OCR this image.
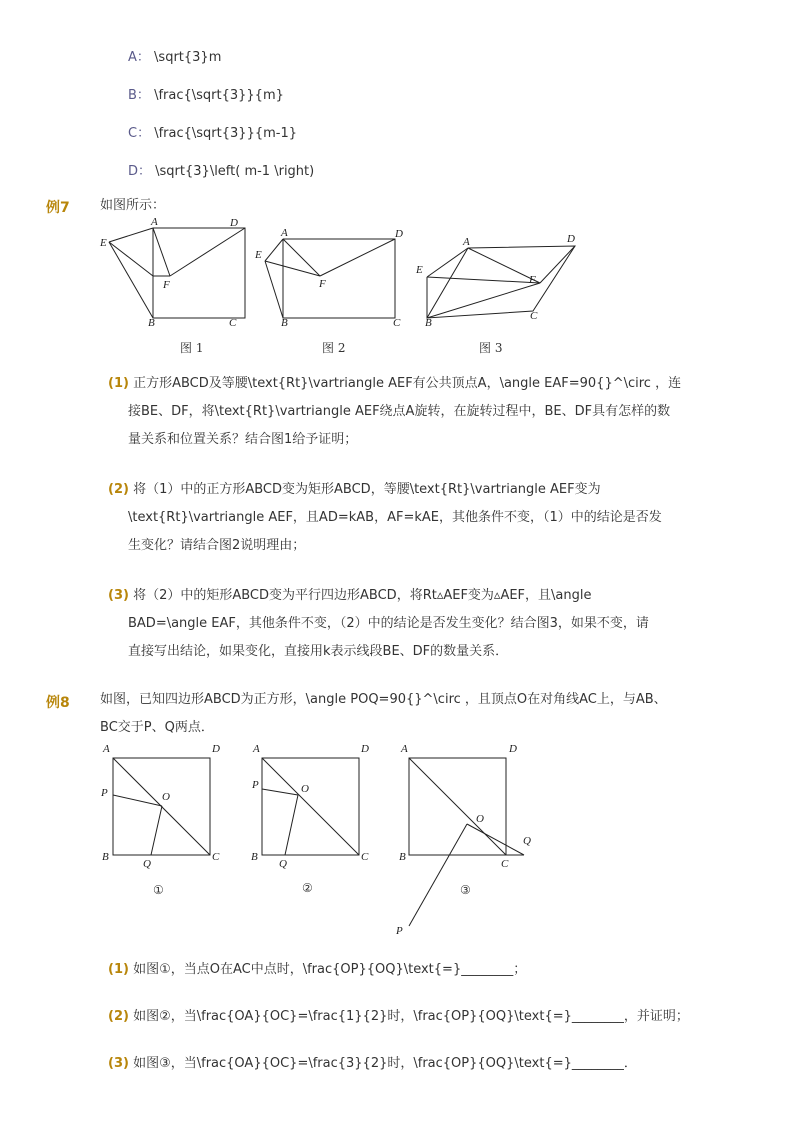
A： \sqrt{3}m
B： \frac{\sqrt{3}}{m}
C： \frac{\sqrt{3}}{m-1}
D： \sqrt{3}\left( m-1 \right)
例7 如图所示：
E
A	D
F
B	C
A	D
E
F
B	C
A	D
E
F
B
C
图 1	图 2	图 3
(1) 正方形ABCD及等腰\text{Rt}\vartriangle AEF有公共顶点A，\angle EAF=90{}^\circ ，连
接BE、DF，将\text{Rt}\vartriangle AEF绕点A旋转，在旋转过程中，BE、DF具有怎样的数
量关系和位置关系？结合图1给予证明；
(2) 将（1）中的正方形ABCD变为矩形ABCD，等腰\text{Rt}\vartriangle AEF变为
\text{Rt}\vartriangle AEF，且AD=kAB，AF=kAE，其他条件不变，（1）中的结论是否发
生变化？请结合图2说明理由；
(3) 将（2）中的矩形ABCD变为平行四边形ABCD，将Rt▵AEF变为▵AEF，且\angle
BAD=\angle EAF，其他条件不变，（2）中的结论是否发生变化？结合图3，如果不变，请
直接写出结论，如果变化，直接用k表示线段BE、DF的数量关系．
例8 如图，已知四边形ABCD为正方形，\angle POQ=90{}^\circ ，且顶点O在对角线AC上，与AB、
BC交于P、Q两点．
A	D
P	O
B
Q
C
A	D
P	O
B
Q
C
A	D
O
Q
B
C
P
①	②	③
(1) 如图①，当点O在AC中点时，\frac{OP}{OQ}\text{=}________；
(2) 如图②，当\frac{OA}{OC}=\frac{1}{2}时，\frac{OP}{OQ}\text{=}________，并证明；
(3) 如图③，当\frac{OA}{OC}=\frac{3}{2}时，\frac{OP}{OQ}\text{=}________．
